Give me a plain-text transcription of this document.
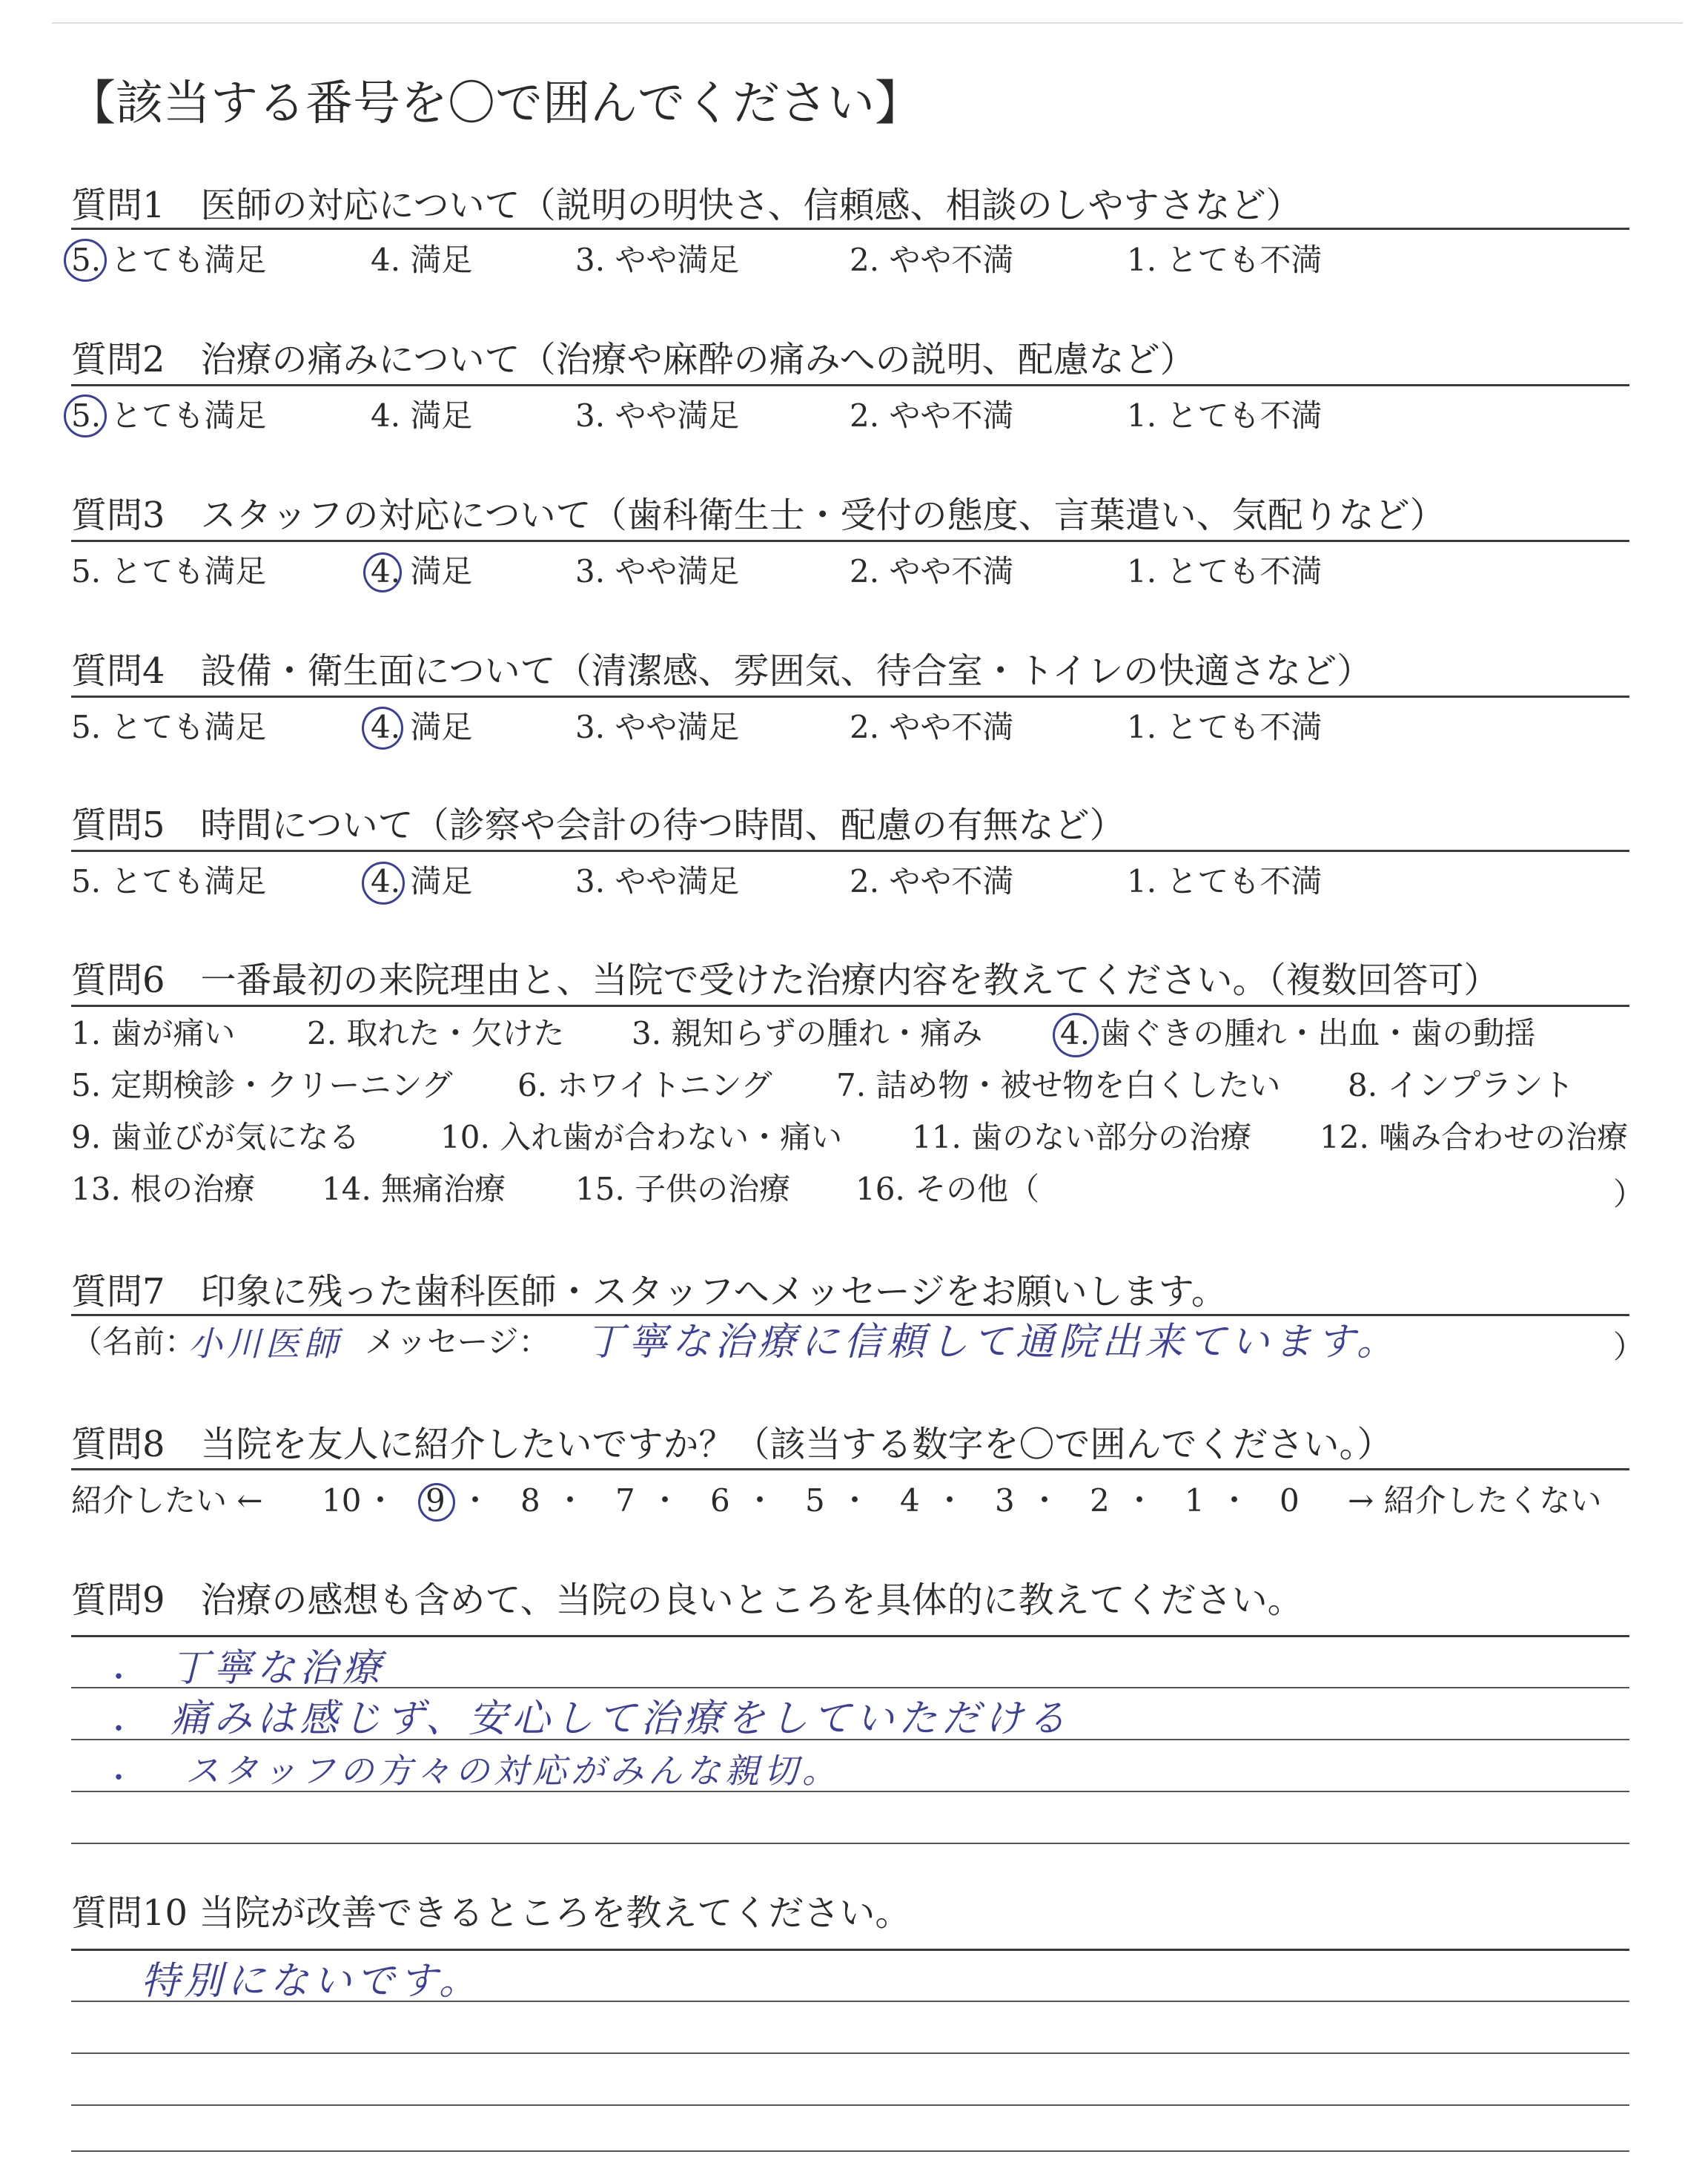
【該当する番号を〇で囲んでください】
質問1　医師の対応について（説明の明快さ、信頼感、相談のしやすさなど）
5. とても満足	4. 満足	3. やや満足	2. やや不満	1. とても不満
質問2　治療の痛みについて（治療や麻酔の痛みへの説明、配慮など）
5. とても満足	4. 満足	3. やや満足	2. やや不満	1. とても不満
質問3　スタッフの対応について（歯科衛生士・受付の態度、言葉遣い、気配りなど）
5. とても満足	4. 満足	3. やや満足	2. やや不満	1. とても不満
質問4　設備・衛生面について（清潔感、雰囲気、待合室・トイレの快適さなど）
5. とても満足	4. 満足	3. やや満足	2. やや不満	1. とても不満
質問5　時間について（診察や会計の待つ時間、配慮の有無など）
5. とても満足	4. 満足	3. やや満足	2. やや不満	1. とても不満
質問6　一番最初の来院理由と、当院で受けた治療内容を教えてください。（複数回答可）
1. 歯が痛い 2. 取れた・欠けた 3. 親知らずの腫れ・痛み 4. 歯ぐきの腫れ・出血・歯の動揺
5. 定期検診・クリーニング 6. ホワイトニング 7. 詰め物・被せ物を白くしたい 8. インプラント
9. 歯並びが気になる	10. 入れ歯が合わない・痛い 11. 歯のない部分の治療 12. 噛み合わせの治療
13. 根の治療 14. 無痛治療 15. 子供の治療 16. その他（	）
質問7　印象に残った歯科医師・スタッフへメッセージをお願いします。
（名前：
小川医師 メッセージ： 丁寧な治療に信頼して通院出来ています。	）
質問8　当院を友人に紹介したいですか？（該当する数字を〇で囲んでください。）
紹介したい ← 10 ・ 9 ・ 8 ・ 7 ・ 6 ・ 5 ・ 4 ・ 3 ・ 2 ・ 1 ・ 0 → 紹介したくない
質問9　治療の感想も含めて、当院の良いところを具体的に教えてください。
・ 丁寧な治療
・ 痛みは感じず、安心して治療をしていただける
・ スタッフの方々の対応がみんな親切。
質問10 当院が改善できるところを教えてください。
特別にないです。
